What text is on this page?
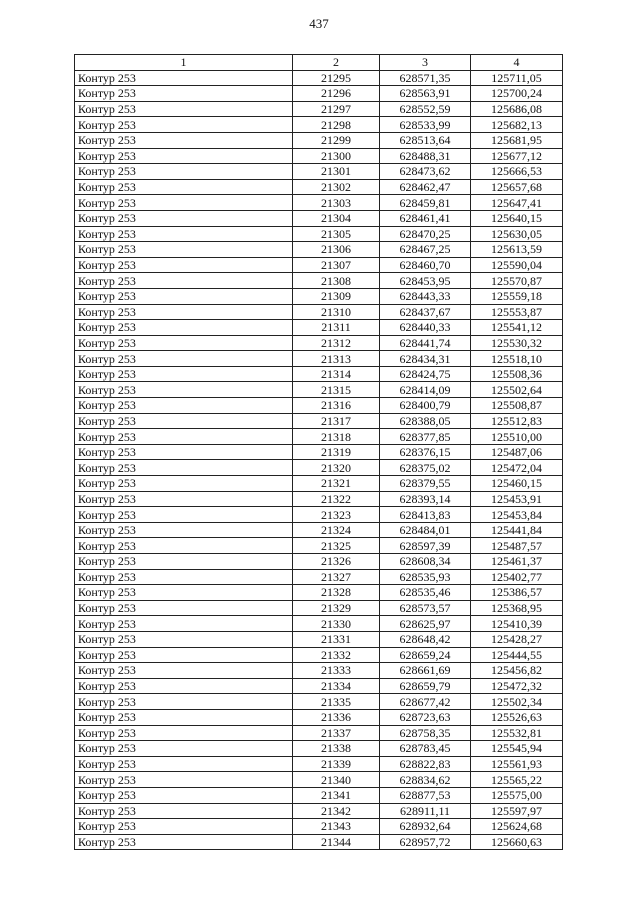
437
1	2	3	4
Контур 253	21295	628571,35	125711,05
Контур 253	21296	628563,91	125700,24
Контур 253	21297	628552,59	125686,08
Контур 253	21298	628533,99	125682,13
Контур 253	21299	628513,64	125681,95
Контур 253	21300	628488,31	125677,12
Контур 253	21301	628473,62	125666,53
Контур 253	21302	628462,47	125657,68
Контур 253	21303	628459,81	125647,41
Контур 253	21304	628461,41	125640,15
Контур 253	21305	628470,25	125630,05
Контур 253	21306	628467,25	125613,59
Контур 253	21307	628460,70	125590,04
Контур 253	21308	628453,95	125570,87
Контур 253	21309	628443,33	125559,18
Контур 253	21310	628437,67	125553,87
Контур 253	21311	628440,33	125541,12
Контур 253	21312	628441,74	125530,32
Контур 253	21313	628434,31	125518,10
Контур 253	21314	628424,75	125508,36
Контур 253	21315	628414,09	125502,64
Контур 253	21316	628400,79	125508,87
Контур 253	21317	628388,05	125512,83
Контур 253	21318	628377,85	125510,00
Контур 253	21319	628376,15	125487,06
Контур 253	21320	628375,02	125472,04
Контур 253	21321	628379,55	125460,15
Контур 253	21322	628393,14	125453,91
Контур 253	21323	628413,83	125453,84
Контур 253	21324	628484,01	125441,84
Контур 253	21325	628597,39	125487,57
Контур 253	21326	628608,34	125461,37
Контур 253	21327	628535,93	125402,77
Контур 253	21328	628535,46	125386,57
Контур 253	21329	628573,57	125368,95
Контур 253	21330	628625,97	125410,39
Контур 253	21331	628648,42	125428,27
Контур 253	21332	628659,24	125444,55
Контур 253	21333	628661,69	125456,82
Контур 253	21334	628659,79	125472,32
Контур 253	21335	628677,42	125502,34
Контур 253	21336	628723,63	125526,63
Контур 253	21337	628758,35	125532,81
Контур 253	21338	628783,45	125545,94
Контур 253	21339	628822,83	125561,93
Контур 253	21340	628834,62	125565,22
Контур 253	21341	628877,53	125575,00
Контур 253	21342	628911,11	125597,97
Контур 253	21343	628932,64	125624,68
Контур 253	21344	628957,72	125660,63
